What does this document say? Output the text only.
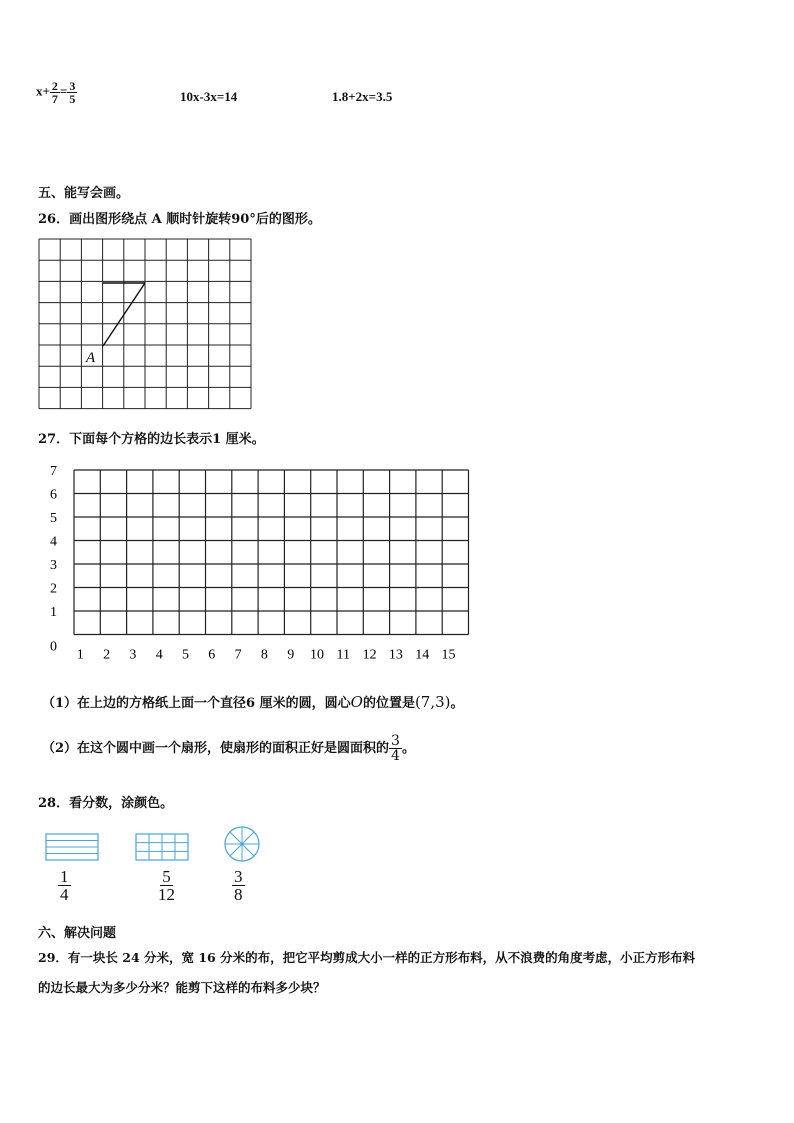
$x+ \frac{2}{7} = \frac{3}{5}$	10x-3x=14	1.8+2x=3.5
五、能写会画。
26．画出图形绕点 A 顺时针旋转90°后的图形。
A
27．下面每个方格的边长表示1 厘米。
0
1
2
3
4
5
6
7
1 2 3 4 5 6 7 8 9 10 11 12 13 14 15
（1）在上边的方格纸上面一个直径6 厘米的圆，圆心O的位置是(7,3)。
（2）在这个圆中画一个扇形，使扇形的面积正好是圆面积的 $\frac{3}{4}$ 。
28．看分数，涂颜色。
$\frac{1}{4}$	$\frac{5}{12}$	$\frac{3}{8}$
六、解决问题
29．有一块长 24 分米，宽 16 分米的布，把它平均剪成大小一样的正方形布料，从不浪费的角度考虑，小正方形布料
的边长最大为多少分米？能剪下这样的布料多少块？
